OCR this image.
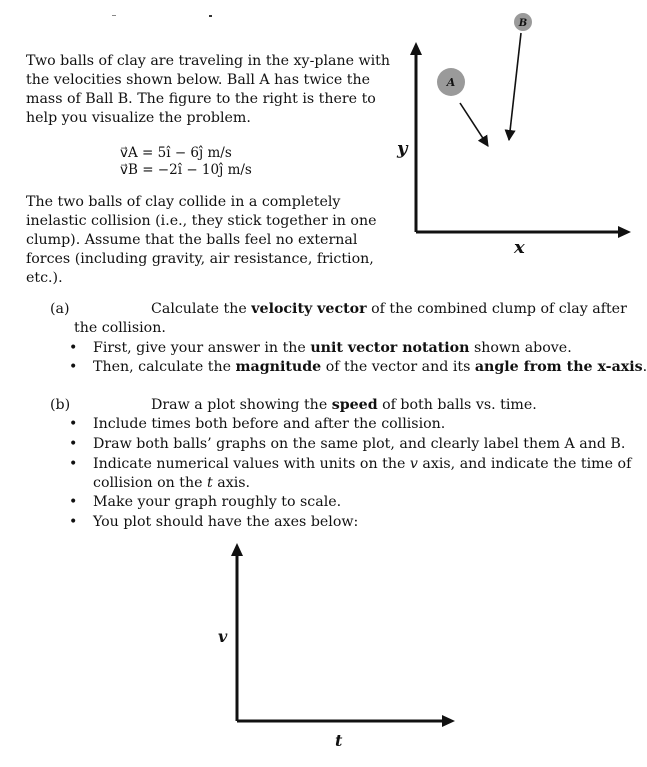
Two balls of clay are traveling in the xy-plane with
the velocities shown below. Ball A has twice the
mass of Ball B. The figure to the right is there to
help you visualize the problem.
v⃗A = 5î − 6ĵ m/s
v⃗B = −2î − 10ĵ m/s
The two balls of clay collide in a completely
inelastic collision (i.e., they stick together in one
clump). Assume that the balls feel no external
forces (including gravity, air resistance, friction,
etc.).
y
x
A
B
(a)	Calculate the velocity vector of the combined clump of clay after
the collision.
• First, give your answer in the unit vector notation shown above.
• Then, calculate the magnitude of the vector and its angle from the x-axis.
(b)	Draw a plot showing the speed of both balls vs. time.
• Include times both before and after the collision.
• Draw both balls’ graphs on the same plot, and clearly label them A and B.
• Indicate numerical values with units on the v axis, and indicate the time of
collision on the t axis.
• Make your graph roughly to scale.
• You plot should have the axes below:
v
t
